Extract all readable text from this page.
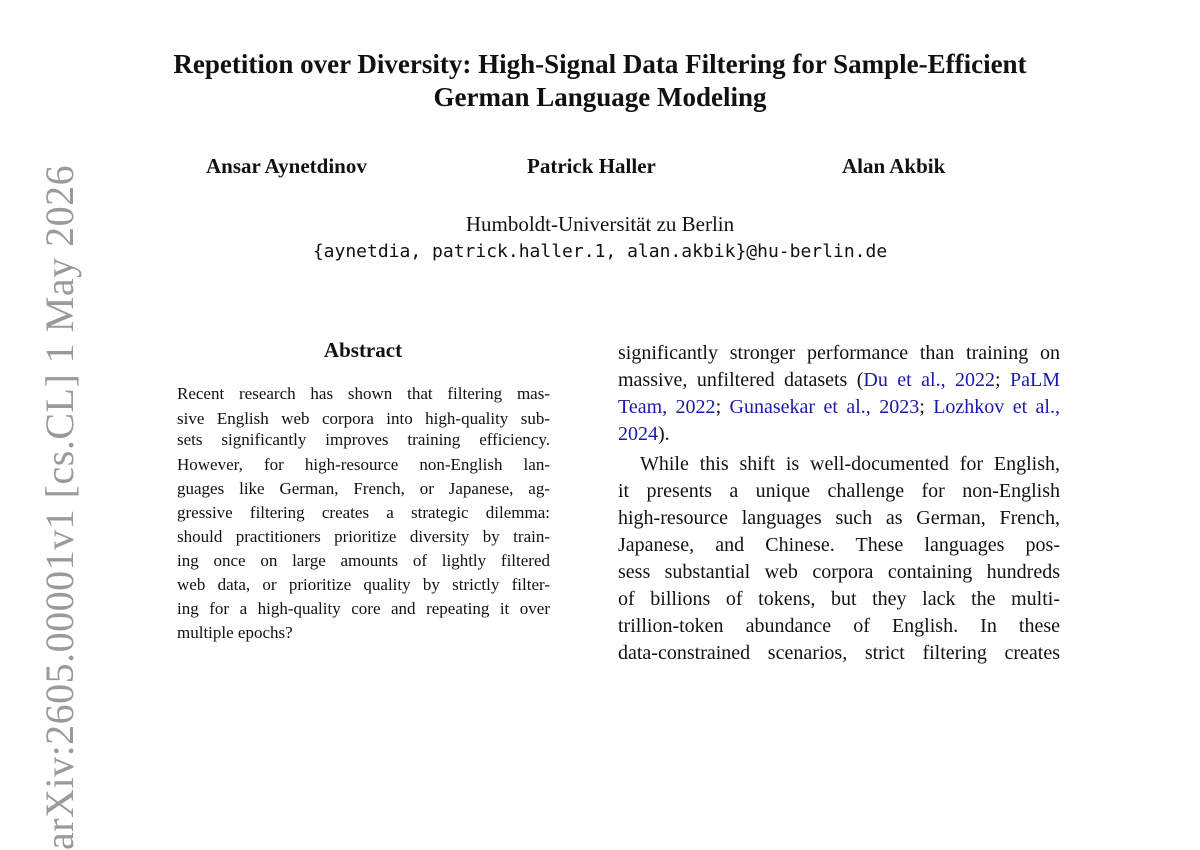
arXiv:2605.00001v1 [cs.CL] 1 May 2026
Repetition over Diversity: High-Signal Data Filtering for Sample-Efficient
German Language Modeling
Ansar Aynetdinov	Patrick Haller	Alan Akbik
Humboldt-Universität zu Berlin
{aynetdia, patrick.haller.1, alan.akbik}@hu-berlin.de
Abstract
Recent research has shown that filtering mas-
sive English web corpora into high-quality sub-
sets significantly improves training efficiency.
However, for high-resource non-English lan-
guages like German, French, or Japanese, ag-
gressive filtering creates a strategic dilemma:
should practitioners prioritize diversity by train-
ing once on large amounts of lightly filtered
web data, or prioritize quality by strictly filter-
ing for a high-quality core and repeating it over
multiple epochs?
significantly stronger performance than training on
massive, unfiltered datasets (Du et al., 2022; PaLM
Team, 2022; Gunasekar et al., 2023; Lozhkov et al.,
2024).
While this shift is well-documented for English,
it presents a unique challenge for non-English
high-resource languages such as German, French,
Japanese, and Chinese. These languages pos-
sess substantial web corpora containing hundreds
of billions of tokens, but they lack the multi-
trillion-token abundance of English. In these
data-constrained scenarios, strict filtering creates
